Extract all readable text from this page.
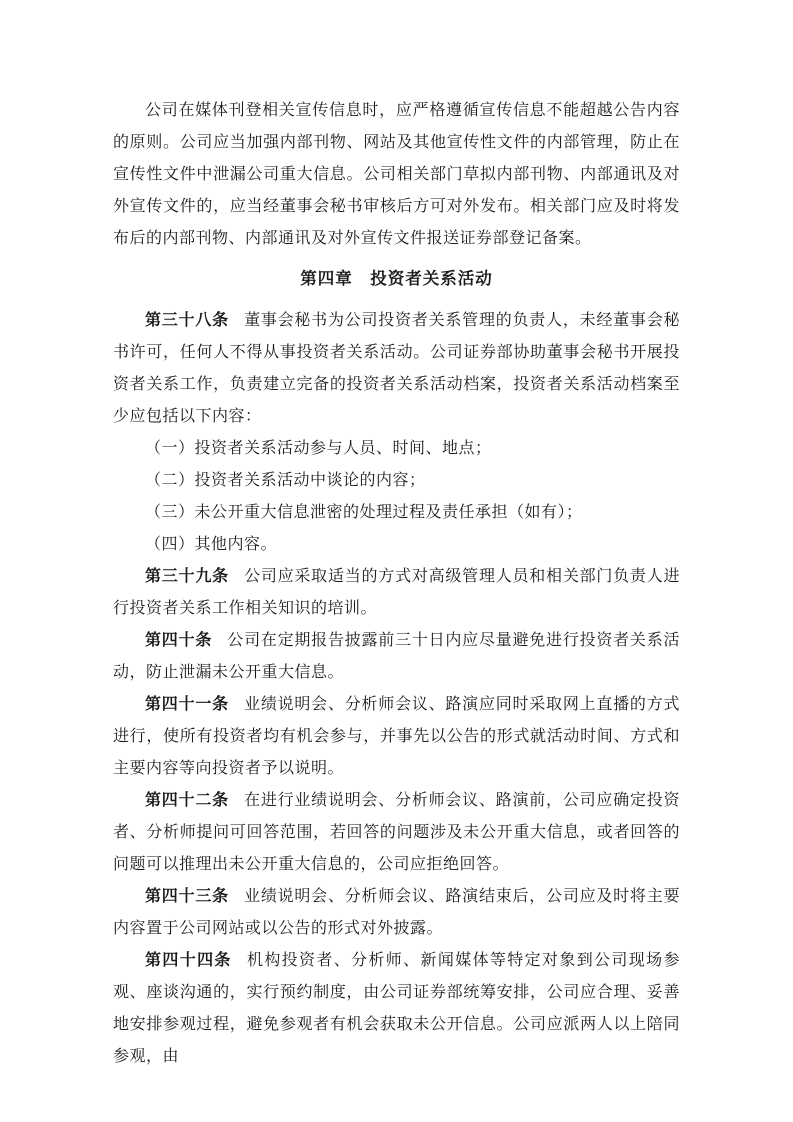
公司在媒体刊登相关宣传信息时，应严格遵循宣传信息不能超越公告内容的原则。公司应当加强内部刊物、网站及其他宣传性文件的内部管理，防止在宣传性文件中泄漏公司重大信息。公司相关部门草拟内部刊物、内部通讯及对外宣传文件的，应当经董事会秘书审核后方可对外发布。相关部门应及时将发布后的内部刊物、内部通讯及对外宣传文件报送证券部登记备案。

第四章　投资者关系活动

第三十八条 董事会秘书为公司投资者关系管理的负责人，未经董事会秘书许可，任何人不得从事投资者关系活动。公司证券部协助董事会秘书开展投资者关系工作，负责建立完备的投资者关系活动档案，投资者关系活动档案至少应包括以下内容：

（一）投资者关系活动参与人员、时间、地点；

（二）投资者关系活动中谈论的内容；

（三）未公开重大信息泄密的处理过程及责任承担（如有）；

（四）其他内容。

第三十九条 公司应采取适当的方式对高级管理人员和相关部门负责人进行投资者关系工作相关知识的培训。

第四十条 公司在定期报告披露前三十日内应尽量避免进行投资者关系活动，防止泄漏未公开重大信息。

第四十一条 业绩说明会、分析师会议、路演应同时采取网上直播的方式进行，使所有投资者均有机会参与，并事先以公告的形式就活动时间、方式和主要内容等向投资者予以说明。

第四十二条 在进行业绩说明会、分析师会议、路演前，公司应确定投资者、分析师提问可回答范围，若回答的问题涉及未公开重大信息，或者回答的问题可以推理出未公开重大信息的，公司应拒绝回答。

第四十三条 业绩说明会、分析师会议、路演结束后，公司应及时将主要内容置于公司网站或以公告的形式对外披露。

第四十四条 机构投资者、分析师、新闻媒体等特定对象到公司现场参观、座谈沟通的，实行预约制度，由公司证券部统筹安排，公司应合理、妥善地安排参观过程，避免参观者有机会获取未公开信息。公司应派两人以上陪同参观，由
